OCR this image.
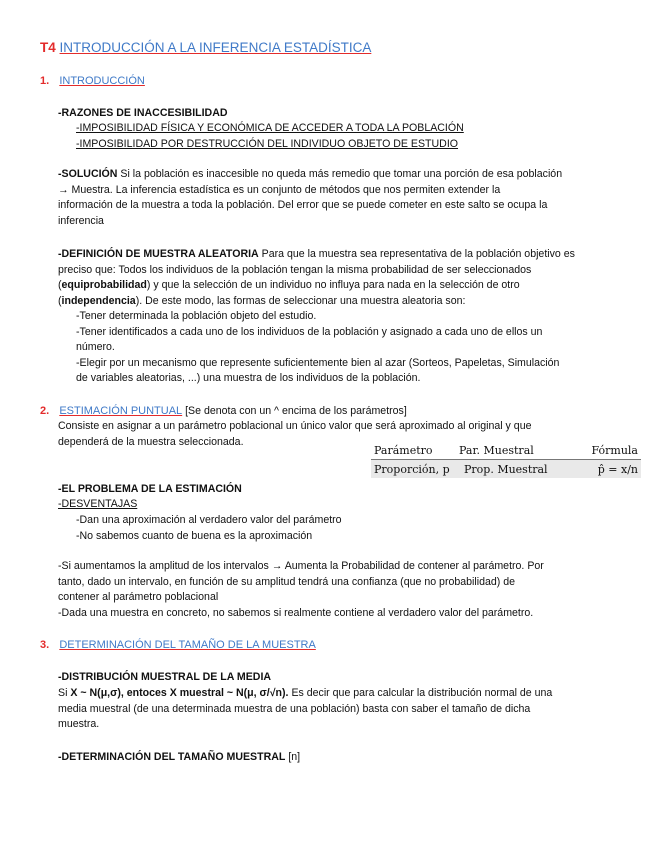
T4 INTRODUCCIÓN A LA INFERENCIA ESTADÍSTICA
1. INTRODUCCIÓN
-RAZONES DE INACCESIBILIDAD
-IMPOSIBILIDAD FÍSICA Y ECONÓMICA DE ACCEDER A TODA LA POBLACIÓN
-IMPOSIBILIDAD POR DESTRUCCIÓN DEL INDIVIDUO OBJETO DE ESTUDIO
-SOLUCIÓN Si la población es inaccesible no queda más remedio que tomar una porción de esa población
→ Muestra. La inferencia estadística es un conjunto de métodos que nos permiten extender la
información de la muestra a toda la población. Del error que se puede cometer en este salto se ocupa la
inferencia
-DEFINICIÓN DE MUESTRA ALEATORIA Para que la muestra sea representativa de la población objetivo es
preciso que: Todos los individuos de la población tengan la misma probabilidad de ser seleccionados
(equiprobabilidad) y que la selección de un individuo no influya para nada en la selección de otro
(independencia). De este modo, las formas de seleccionar una muestra aleatoria son:
-Tener determinada la población objeto del estudio.
-Tener identificados a cada uno de los individuos de la población y asignado a cada uno de ellos un
número.
-Elegir por un mecanismo que represente suficientemente bien al azar (Sorteos, Papeletas, Simulación
de variables aleatorias, ...) una muestra de los individuos de la población.
2. ESTIMACIÓN PUNTUAL [Se denota con un ^ encima de los parámetros]
Consiste en asignar a un parámetro poblacional un único valor que será aproximado al original y que
dependerá de la muestra seleccionada.
Parámetro Par. Muestral	Fórmula
Proporción, p Prop. Muestral	p̂ = x/n
-EL PROBLEMA DE LA ESTIMACIÓN
-DESVENTAJAS
-Dan una aproximación al verdadero valor del parámetro
-No sabemos cuanto de buena es la aproximación
-Si aumentamos la amplitud de los intervalos → Aumenta la Probabilidad de contener al parámetro. Por
tanto, dado un intervalo, en función de su amplitud tendrá una confianza (que no probabilidad) de
contener al parámetro poblacional
-Dada una muestra en concreto, no sabemos si realmente contiene al verdadero valor del parámetro.
3. DETERMINACIÓN DEL TAMAÑO DE LA MUESTRA
-DISTRIBUCIÓN MUESTRAL DE LA MEDIA
Si X ~ N(μ,σ), entoces X muestral ~ N(μ, σ/√n). Es decir que para calcular la distribución normal de una
media muestral (de una determinada muestra de una población) basta con saber el tamaño de dicha
muestra.
-DETERMINACIÓN DEL TAMAÑO MUESTRAL [n]
